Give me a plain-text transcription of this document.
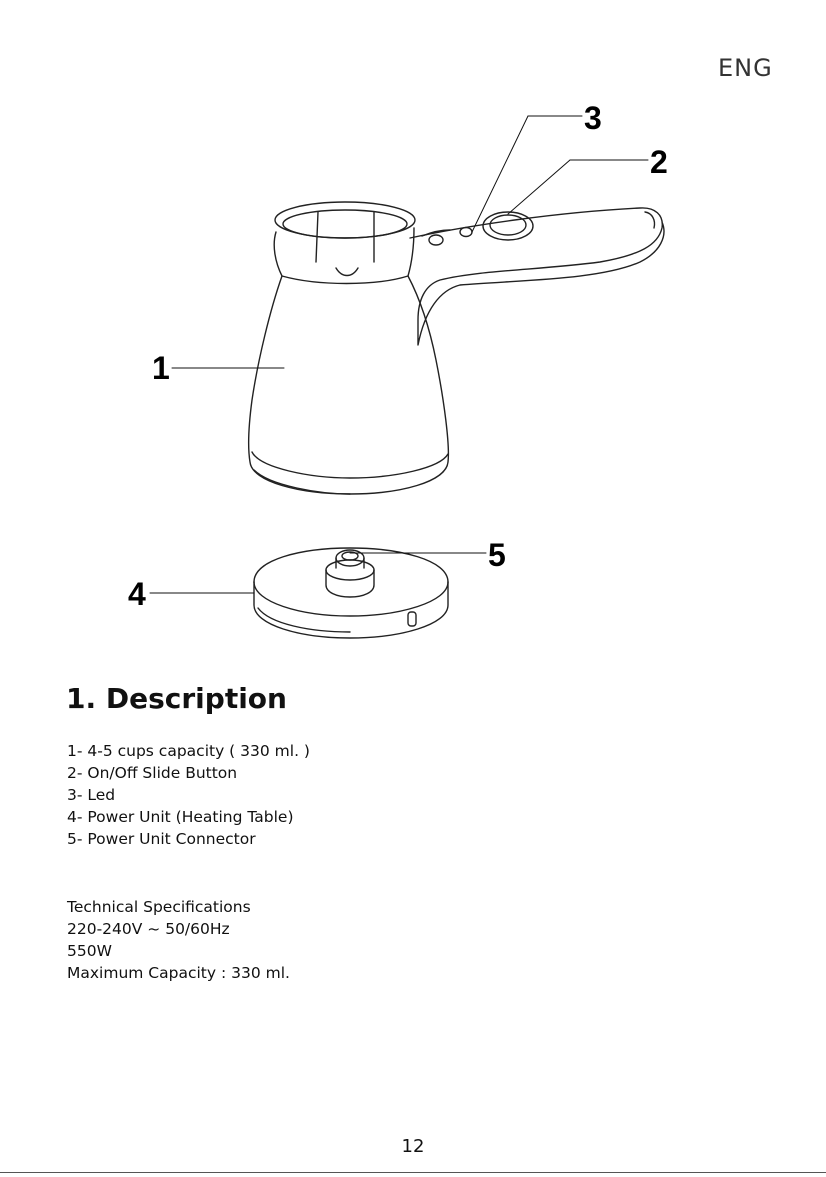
ENG
1
2
3
4
5
1. Description
1- 4-5 cups capacity ( 330 ml. )
2- On/Off Slide Button
3- Led
4- Power Unit (Heating Table)
5- Power Unit Connector
Technical Specifications
220-240V ~ 50/60Hz
550W
Maximum Capacity : 330 ml.
12
